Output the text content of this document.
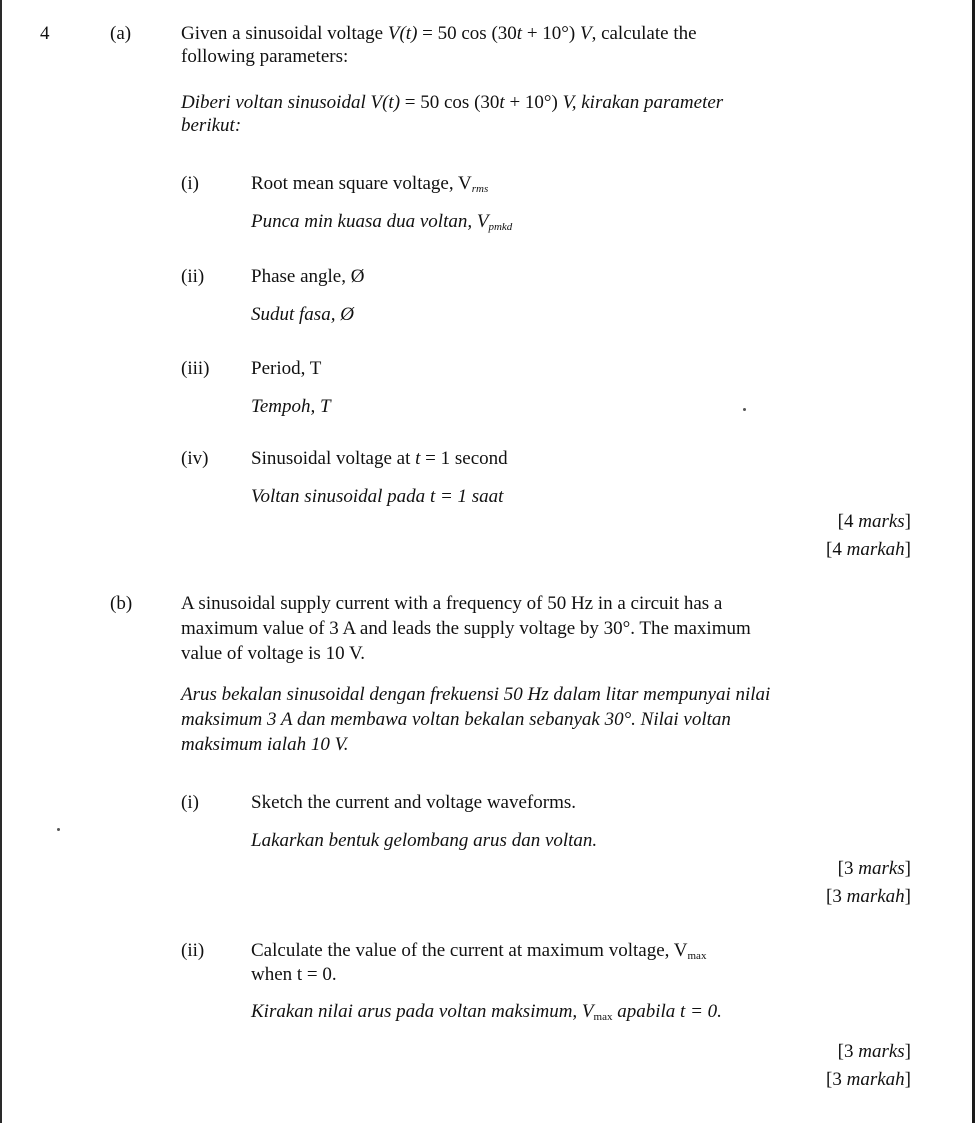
4	(a)	Given a sinusoidal voltage V(t) = 50 cos (30t + 10°) V, calculate the
following parameters:
Diberi voltan sinusoidal V(t) = 50 cos (30t + 10°) V, kirakan parameter
berikut:
(i)	Root mean square voltage, $V_{rms}$
Punca min kuasa dua voltan, $V_{pmkd}$
(ii) Phase angle, Ø
Sudut fasa, Ø
(iii) Period, T
Tempoh, T
(iv) Sinusoidal voltage at t = 1 second
Voltan sinusoidal pada t = 1 saat
[4 marks]
[4 markah]
(b)	A sinusoidal supply current with a frequency of 50 Hz in a circuit has a
maximum value of 3 A and leads the supply voltage by 30°. The maximum
value of voltage is 10 V.
Arus bekalan sinusoidal dengan frekuensi 50 Hz dalam litar mempunyai nilai
maksimum 3 A dan membawa voltan bekalan sebanyak 30°. Nilai voltan
maksimum ialah 10 V.
(i)	Sketch the current and voltage waveforms.
Lakarkan bentuk gelombang arus dan voltan.
[3 marks]
[3 markah]
(ii) Calculate the value of the current at maximum voltage, Vmax
when t = 0.
Kirakan nilai arus pada voltan maksimum, Vmax apabila t = 0.
[3 marks]
[3 markah]
